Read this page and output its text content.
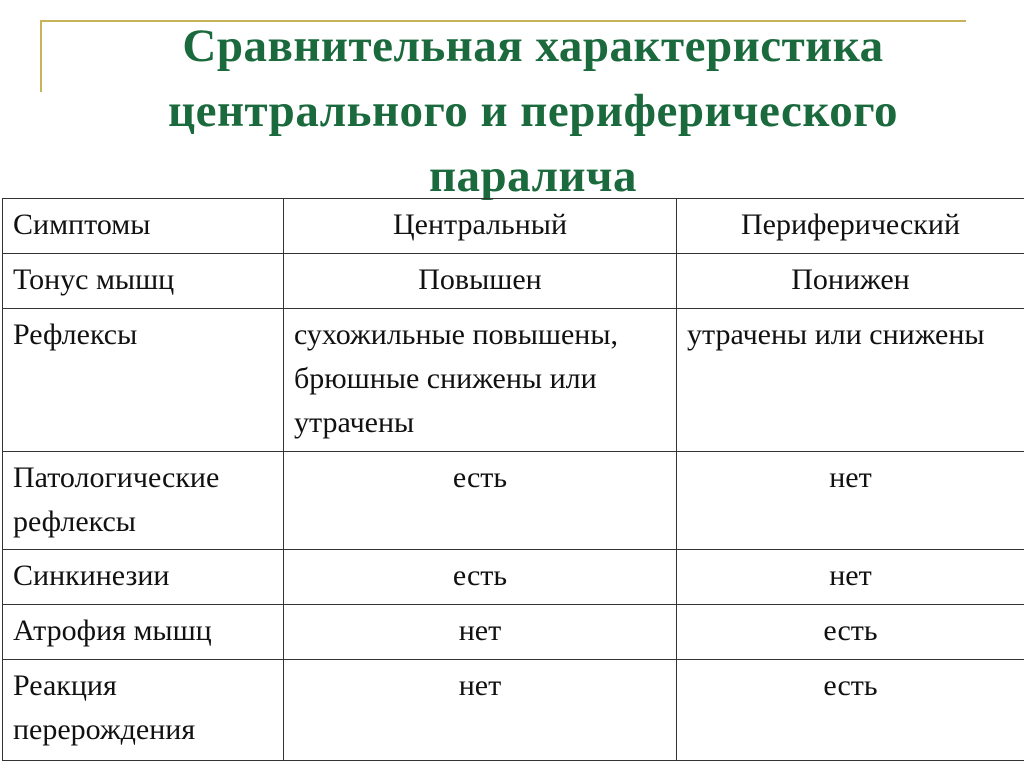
Сравнительная характеристика
центрального и периферического
паралича
Симптомы	Центральный	Периферический
Тонус мышц	Повышен	Понижен
Рефлексы	сухожильные повышены, брюшные снижены или утрачены	утрачены или снижены
Патологические рефлексы	есть	нет
Синкинезии	есть	нет
Атрофия мышц	нет	есть
Реакция перерождения	нет	есть
